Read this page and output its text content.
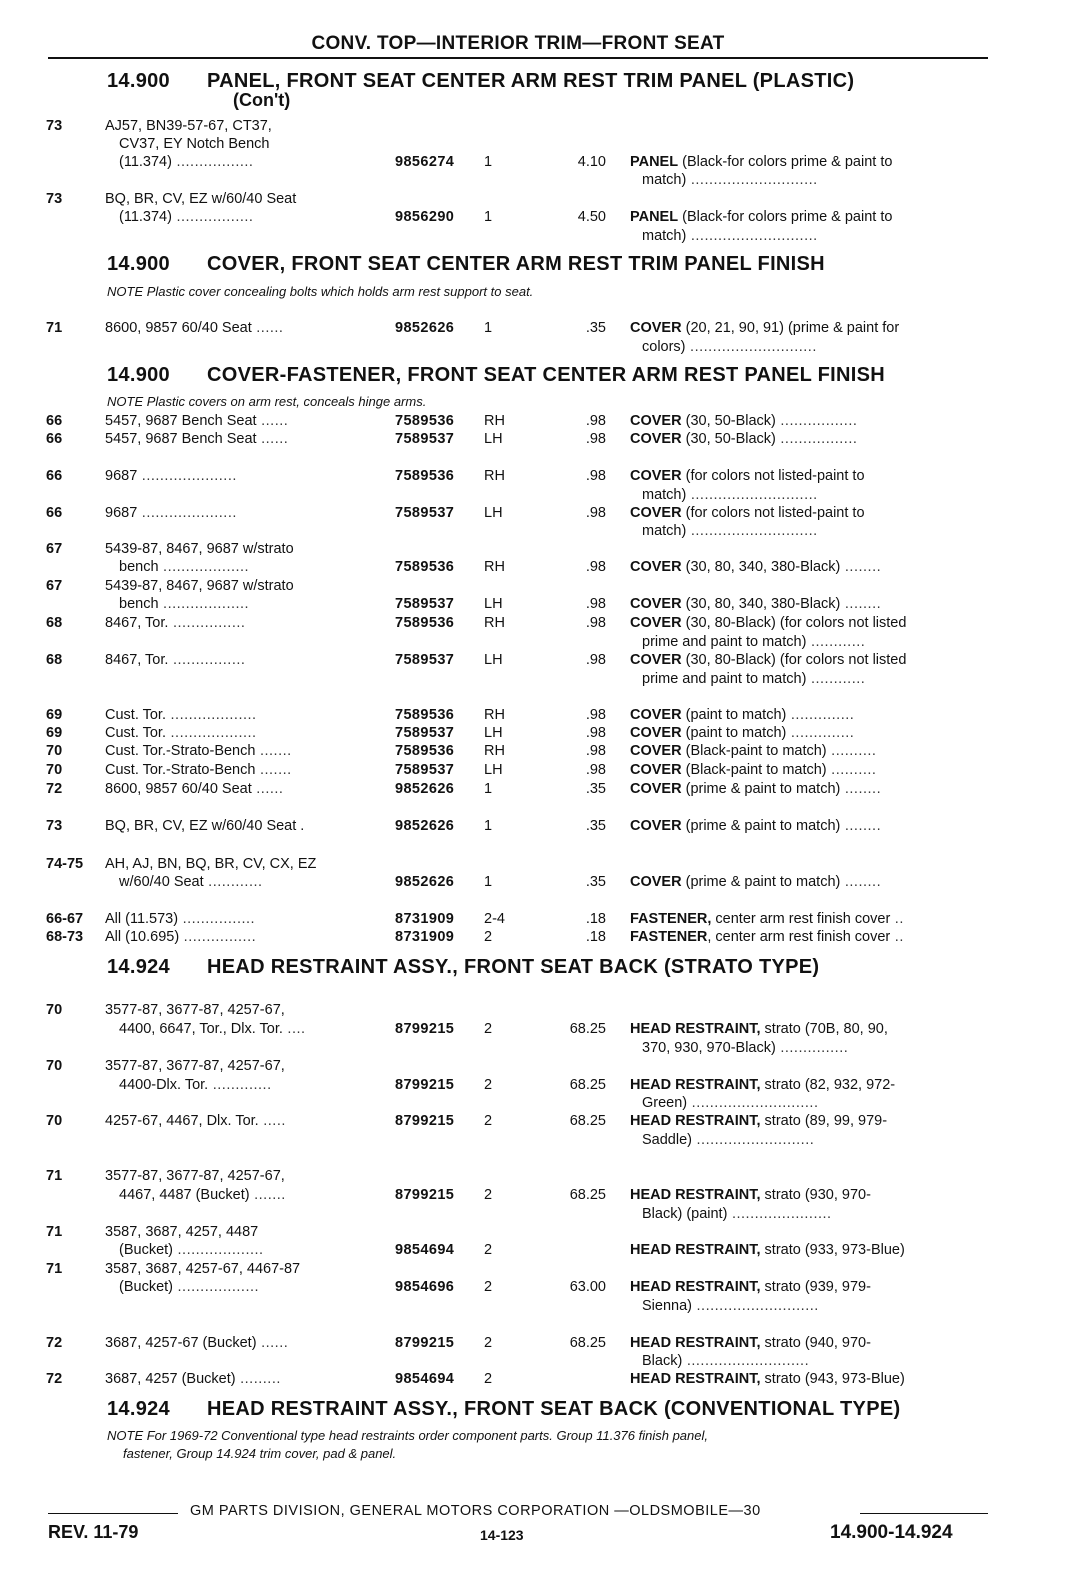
CONV. TOP—INTERIOR TRIM—FRONT SEAT
14.900 PANEL, FRONT SEAT CENTER ARM REST TRIM PANEL (PLASTIC)
(Con't)
73	AJ57, BN39-57-67, CT37,
CV37, EY Notch Bench
(11.374) .................	9856274 1	4.10 PANEL (Black-for colors prime & paint to
match) ............................
73	BQ, BR, CV, EZ w/60/40 Seat
(11.374) .................	9856290 1	4.50 PANEL (Black-for colors prime & paint to
match) ............................
14.900 COVER, FRONT SEAT CENTER ARM REST TRIM PANEL FINISH
NOTE Plastic cover concealing bolts which holds arm rest support to seat.
71	8600, 9857 60/40 Seat ......	9852626 1	.35 COVER (20, 21, 90, 91) (prime & paint for
colors) ............................
14.900 COVER-FASTENER, FRONT SEAT CENTER ARM REST PANEL FINISH
NOTE Plastic covers on arm rest, conceals hinge arms.
66	5457, 9687 Bench Seat ......	7589536 RH	.98 COVER (30, 50-Black) .................
66	5457, 9687 Bench Seat ......	7589537 LH	.98 COVER (30, 50-Black) .................
66	9687 .....................	7589536 RH	.98 COVER (for colors not listed-paint to
match) ............................
66	9687 .....................	7589537 LH	.98 COVER (for colors not listed-paint to
match) ............................
67	5439-87, 8467, 9687 w/strato
bench ...................	7589536 RH	.98 COVER (30, 80, 340, 380-Black) ........
67	5439-87, 8467, 9687 w/strato
bench ...................	7589537 LH	.98 COVER (30, 80, 340, 380-Black) ........
68	8467, Tor. ................	7589536 RH	.98 COVER (30, 80-Black) (for colors not listed
prime and paint to match) ............
68	8467, Tor. ................	7589537 LH	.98 COVER (30, 80-Black) (for colors not listed
prime and paint to match) ............
69	Cust. Tor. ...................	7589536 RH	.98 COVER (paint to match) ..............
69	Cust. Tor. ...................	7589537 LH	.98 COVER (paint to match) ..............
70	Cust. Tor.-Strato-Bench .......	7589536 RH	.98 COVER (Black-paint to match) ..........
70	Cust. Tor.-Strato-Bench .......	7589537 LH	.98 COVER (Black-paint to match) ..........
72	8600, 9857 60/40 Seat ......	9852626 1	.35 COVER (prime & paint to match) ........
73	BQ, BR, CV, EZ w/60/40 Seat .	9852626 1	.35 COVER (prime & paint to match) ........
74-75 AH, AJ, BN, BQ, BR, CV, CX, EZ
w/60/40 Seat ............	9852626 1	.35 COVER (prime & paint to match) ........
66-67 All (11.573) ................	8731909 2-4	.18 FASTENER, center arm rest finish cover ..
68-73 All (10.695) ................	8731909 2	.18 FASTENER, center arm rest finish cover ..
14.924 HEAD RESTRAINT ASSY., FRONT SEAT BACK (STRATO TYPE)
70	3577-87, 3677-87, 4257-67,
4400, 6647, Tor., Dlx. Tor. ....	8799215 2	68.25 HEAD RESTRAINT, strato (70B, 80, 90,
370, 930, 970-Black) ...............
70	3577-87, 3677-87, 4257-67,
4400-Dlx. Tor. .............	8799215 2	68.25 HEAD RESTRAINT, strato (82, 932, 972-
Green) ............................
70	4257-67, 4467, Dlx. Tor. .....	8799215 2	68.25 HEAD RESTRAINT, strato (89, 99, 979-
Saddle) ..........................
71	3577-87, 3677-87, 4257-67,
4467, 4487 (Bucket) .......	8799215 2	68.25 HEAD RESTRAINT, strato (930, 970-
Black) (paint) ......................
71	3587, 3687, 4257, 4487
(Bucket) ...................	9854694 2	HEAD RESTRAINT, strato (933, 973-Blue)
71	3587, 3687, 4257-67, 4467-87
(Bucket) ..................	9854696 2	63.00 HEAD RESTRAINT, strato (939, 979-
Sienna) ...........................
72	3687, 4257-67 (Bucket) ......	8799215 2	68.25 HEAD RESTRAINT, strato (940, 970-
Black) ...........................
72	3687, 4257 (Bucket) .........	9854694 2	HEAD RESTRAINT, strato (943, 973-Blue)
14.924 HEAD RESTRAINT ASSY., FRONT SEAT BACK (CONVENTIONAL TYPE)
NOTE For 1969-72 Conventional type head restraints order component parts. Group 11.376 finish panel,
fastener, Group 14.924 trim cover, pad & panel.
GM PARTS DIVISION, GENERAL MOTORS CORPORATION —OLDSMOBILE—30
REV. 11-79	14-123	14.900-14.924
